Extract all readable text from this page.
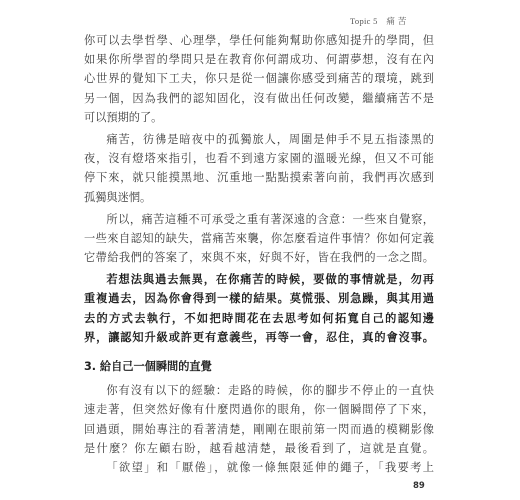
Topic 5 痛苦
你可以去學哲學、心理學，學任何能夠幫助你感知提升的學問，但
如果你所學習的學問只是在教育你何謂成功、何謂夢想，沒有在內
心世界的覺知下工夫，你只是從一個讓你感受到痛苦的環境，跳到
另一個，因為我們的認知固化，沒有做出任何改變，繼續痛苦不是
可以預期的了。
痛苦，彷彿是暗夜中的孤獨旅人，周圍是伸手不見五指漆黑的
夜，沒有燈塔來指引，也看不到遠方家園的溫暖光線，但又不可能
停下來，就只能摸黑地、沉重地一點點摸索著向前，我們再次感到
孤獨與迷惘。
所以，痛苦這種不可承受之重有著深遠的含意：一些來自覺察，
一些來自認知的缺失，當痛苦來襲，你怎麼看這件事情？你如何定義
它帶給我們的答案了，來與不來，好與不好，皆在我們的一念之間。
若想法與過去無異，在你痛苦的時候，要做的事情就是，勿再
重複過去，因為你會得到一樣的結果。莫慌張、別急躁，與其用過
去的方式去執行，不如把時間花在去思考如何拓寬自己的認知邊
界，讓認知升級或許更有意義些，再等一會，忍住，真的會沒事。
3. 給自己一個瞬間的直覺
你有沒有以下的經驗：走路的時候，你的腳步不停止的一直快
速走著，但突然好像有什麼閃過你的眼角，你一個瞬間停了下來，
回過頭，開始專注的看著清楚，剛剛在眼前第一閃而過的模糊影像
是什麼？你左顧右盼，越看越清楚，最後看到了，這就是直覺。
「欲望」和「厭倦」，就像一條無限延伸的繩子，「我要考上
89
